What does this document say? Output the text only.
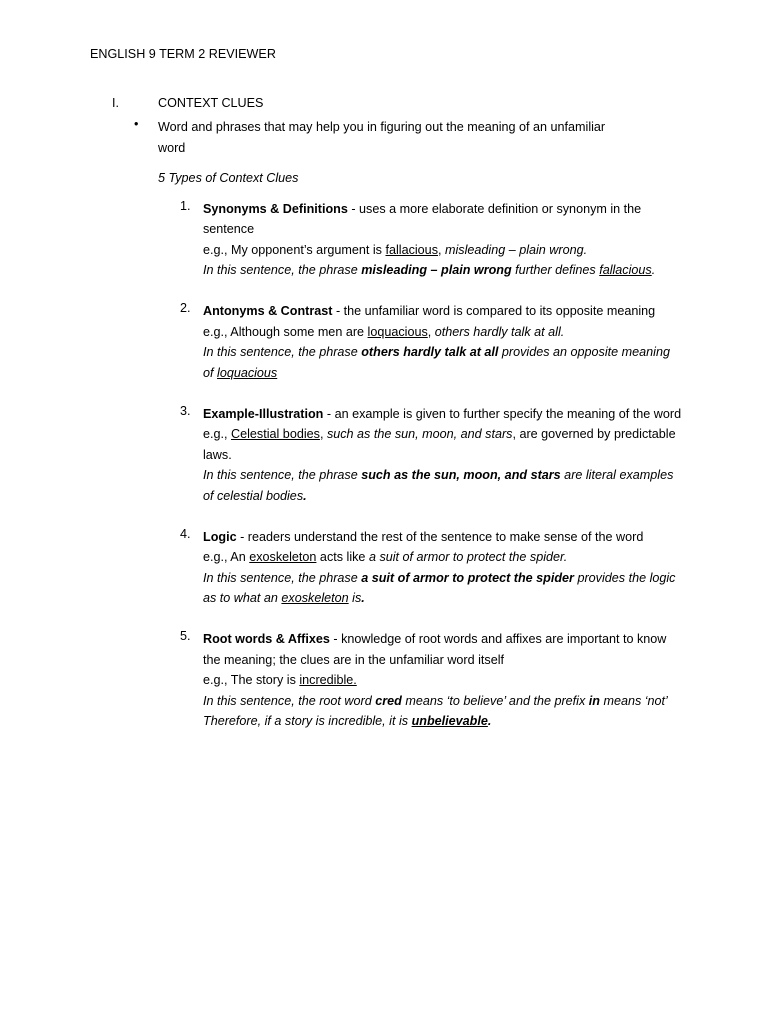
ENGLISH 9 TERM 2 REVIEWER
I.	CONTEXT CLUES
•	Word and phrases that may help you in figuring out the meaning of an unfamiliar word
5 Types of Context Clues
1. Synonyms & Definitions - uses a more elaborate definition or synonym in the sentence
e.g., My opponent’s argument is fallacious, misleading – plain wrong.
In this sentence, the phrase misleading – plain wrong further defines fallacious.
2. Antonyms & Contrast - the unfamiliar word is compared to its opposite meaning
e.g., Although some men are loquacious, others hardly talk at all.
In this sentence, the phrase others hardly talk at all provides an opposite meaning of loquacious
3. Example-Illustration - an example is given to further specify the meaning of the word
e.g., Celestial bodies, such as the sun, moon, and stars, are governed by predictable laws.
In this sentence, the phrase such as the sun, moon, and stars are literal examples of celestial bodies.
4. Logic - readers understand the rest of the sentence to make sense of the word
e.g., An exoskeleton acts like a suit of armor to protect the spider.
In this sentence, the phrase a suit of armor to protect the spider provides the logic as to what an exoskeleton is.
5. Root words & Affixes - knowledge of root words and affixes are important to know the meaning; the clues are in the unfamiliar word itself
e.g., The story is incredible.
In this sentence, the root word cred means ‘to believe’ and the prefix in means ‘not’ Therefore, if a story is incredible, it is unbelievable.
